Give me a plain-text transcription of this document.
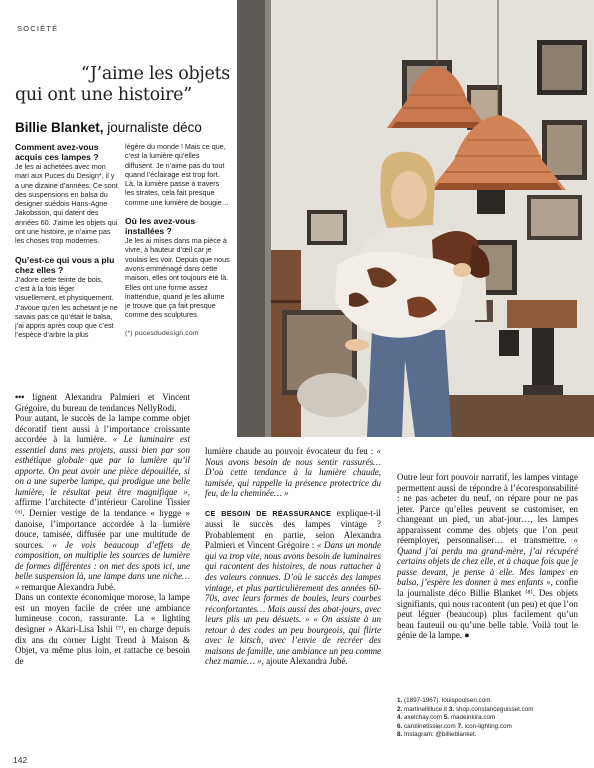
SOCIÉTÉ
“J’aime les objets
qui ont une histoire”
Billie Blanket, journaliste déco
Comment avez-vous acquis ces lampes ?
Je les ai achetées avec mon mari aux Puces du Design*, il y a une dizaine d’années. Ce sont des suspensions en balsa du designer suédois Hans-Agne Jakobsson, qui datent des années 60. J’aime les objets qui ont une histoire, je n’aime pas les choses trop modernes.
Qu’est-ce qui vous a plu chez elles ?
J’adore cette teinte de bois, c’est à la fois léger visuellement, et physiquement. J’avoue qu’en les achetant je ne savais pas ce qu’était le balsa, j’ai appris après coup que c’est l’espèce d’arbre la plus
légère du monde ! Mais ce que, c’est la lumière qu’elles diffusent. Je n’aime pas du tout quand l’éclairage est trop fort. Là, la lumière passe à travers les strates, cela fait presque comme une lumière de bougie…
Où les avez-vous installées ?
Je les ai mises dans ma pièce à vivre, à hauteur d’œil car je voulais les voir. Depuis que nous avons emménagé dans cette maison, elles ont toujours été là. Elles ont une forme assez inattendue, quand je les allume je trouve que ça fait presque comme des sculptures.
(*) pucesdudesign.com

••• lignent Alexandra Palmieri et Vincent Grégoire, du bureau de tendances NellyRodi.

Pour autant, le succès de la lampe comme objet décoratif tient aussi à l’importance croissante accordée à la lumière. « Le luminaire est essentiel dans mes projets, aussi bien par son esthétique globale que par la lumière qu’il apporte. On peut avoir une pièce dépouillée, si on a une superbe lampe, qui prodigue une belle lumière, le résultat peut être magnifique », affirme l’architecte d’intérieur Caroline Tissier ⁽⁶⁾. Dernier vestige de la tendance « hygge » danoise, l’importance accordée à la lumière douce, tamisée, diffusée par une multitude de sources. « Je vois beaucoup d’effets de composition, on multiplie les sources de lumière de formes différentes : on met des spots ici, une belle suspension là, une lampe dans une niche… » remarque Alexandra Jubé.

Dans un contexte économique morose, la lampe est un moyen facile de créer une ambiance lumineuse cocon, rassurante. La « lighting designer » Akari-Lisa Ishii ⁽⁷⁾, en charge depuis dix ans du corner Light Trend à Maison & Objet, va même plus loin, et rattache ce besoin de

lumière chaude au pouvoir évocateur du feu : « Nous avons besoin de nous sentir rassurés… D’où cette tendance à la lumière chaude, tamisée, qui rappelle la présence protectrice du feu, de la cheminée… »

CE BESOIN DE RÉASSURANCE explique-t-il aussi le succès des lampes vintage ? Probablement en partie, selon Alexandra Palmieri et Vincent Grégoire : « Dans un monde qui va trop vite, nous avons besoin de luminaires qui racontent des histoires, de nous rattacher à des valeurs connues. D’où le succès des lampes vintage, et plus particulièrement des années 60-70s, avec leurs formes de boules, leurs courbes réconfortantes… Mais aussi des abat-jours, avec leurs plis un peu désuets. » « On assiste à un retour à des codes un peu bourgeois, qui flirte avec le kitsch, avec l’envie de recréer des maisons de famille, une ambiance un peu comme chez mamie… », ajoute Alexandra Jubé.

Outre leur fort pouvoir narratif, les lampes vintage permettent aussi de répondre à l’écoresponsabilité : ne pas acheter du neuf, on répare pour ne pas jeter. Parce qu’elles peuvent se customiser, en changeant un pied, un abat-jour…, les lampes apparaissent comme des objets que l’on peut réemployer, personnaliser… et transmettre. « Quand j’ai perdu ma grand-mère, j’ai récupéré certains objets de chez elle, et à chaque fois que je passe devant, je pense à elle. Mes lampes en balsa, j’espère les donner à mes enfants », confie la journaliste déco Billie Blanket ⁽⁸⁾. Des objets signifiants, qui nous racontent (un peu) et que l’on peut léguer (beaucoup) plus facilement qu’un beau fauteuil ou qu’une belle table. Voilà tout le génie de la lampe. ●

1. (1897-1967). louispoulsen.com.
2. martinellilluce.it 3. shop.constanceguisset.com
4. axelchay.com 5. madeinkira.com
6. carolinetissier.com 7. icon-lighting.com
8. Instagram: @billieblanket.
142
